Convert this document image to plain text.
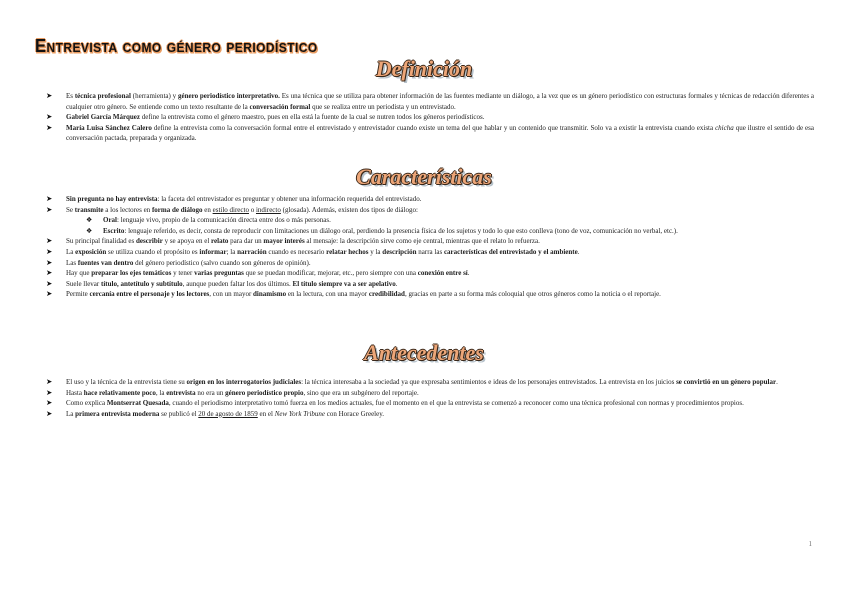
Entrevista como género periodístico
Definición
➤	Es técnica profesional (herramienta) y género periodístico interpretativo. Es una técnica que se utiliza para obtener información de las fuentes mediante un diálogo, a la vez que es un género periodístico con estructuras formales y técnicas de redacción diferentes a cualquier otro género. Se entiende como un texto resultante de la conversación formal que se realiza entre un periodista y un entrevistado.
➤	Gabriel García Márquez define la entrevista como el género maestro, pues en ella está la fuente de la cual se nutren todos los géneros periodísticos.
➤	María Luisa Sánchez Calero define la entrevista como la conversación formal entre el entrevistado y entrevistador cuando existe un tema del que hablar y un contenido que transmitir. Solo va a existir la entrevista cuando exista chicha que ilustre el sentido de esa conversación pactada, preparada y organizada.
Características
➤	Sin pregunta no hay entrevista: la faceta del entrevistador es preguntar y obtener una información requerida del entrevistado.
➤	Se transmite a los lectores en forma de diálogo en estilo directo o indirecto (glosada). Además, existen dos tipos de diálogo:
❖	Oral: lenguaje vivo, propio de la comunicación directa entre dos o más personas.
❖	Escrito: lenguaje referido, es decir, consta de reproducir con limitaciones un diálogo oral, perdiendo la presencia física de los sujetos y todo lo que esto conlleva (tono de voz, comunicación no verbal, etc.).
➤	Su principal finalidad es describir y se apoya en el relato para dar un mayor interés al mensaje: la descripción sirve como eje central, mientras que el relato lo refuerza.
➤	La exposición se utiliza cuando el propósito es informar; la narración cuando es necesario relatar hechos y la descripción narra las características del entrevistado y el ambiente.
➤	Las fuentes van dentro del género periodístico (salvo cuando son géneros de opinión).
➤	Hay que preparar los ejes temáticos y tener varias preguntas que se puedan modificar, mejorar, etc., pero siempre con una conexión entre sí.
➤	Suele llevar título, antetítulo y subtítulo, aunque pueden faltar los dos últimos. El título siempre va a ser apelativo.
➤	Permite cercanía entre el personaje y los lectores, con un mayor dinamismo en la lectura, con una mayor credibilidad, gracias en parte a su forma más coloquial que otros géneros como la noticia o el reportaje.
Antecedentes
➤	El uso y la técnica de la entrevista tiene su origen en los interrogatorios judiciales: la técnica interesaba a la sociedad ya que expresaba sentimientos e ideas de los personajes entrevistados. La entrevista en los juicios se convirtió en un género popular.
➤	Hasta hace relativamente poco, la entrevista no era un género periodístico propio, sino que era un subgénero del reportaje.
➤	Como explica Montserrat Quesada, cuando el periodismo interpretativo tomó fuerza en los medios actuales, fue el momento en el que la entrevista se comenzó a reconocer como una técnica profesional con normas y procedimientos propios.
➤	La primera entrevista moderna se publicó el 20 de agosto de 1859 en el New York Tribune con Horace Greeley.
1
